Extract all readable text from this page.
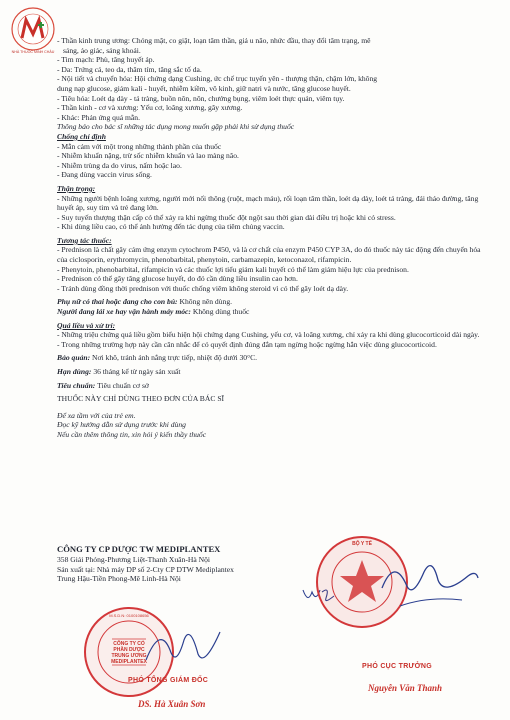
NHÀ THUỐC MINH CHÂU
- Thần kinh trung ương: Chóng mặt, co giật, loạn tâm thần, giả u não, nhức đầu, thay đổi tâm trạng, mê
sảng, ảo giác, sảng khoái.
- Tim mạch: Phù, tăng huyết áp.
- Da: Trứng cá, teo da, thâm tím, tăng sắc tố da.
- Nội tiết và chuyển hóa: Hội chứng dạng Cushing, ức chế trục tuyến yên - thượng thận, chậm lớn, không
dung nạp glucose, giảm kali - huyết, nhiễm kiềm, vô kinh, giữ natri và nước, tăng glucose huyết.
- Tiêu hóa: Loét dạ dày - tá tràng, buồn nôn, nôn, chướng bụng, viêm loét thực quản, viêm tụy.
- Thần kinh - cơ và xương: Yếu cơ, loãng xương, gãy xương.
- Khác: Phản ứng quá mẫn.
Thông báo cho bác sĩ những tác dụng mong muốn gặp phải khi sử dụng thuốc
Chống chỉ định
- Mẫn cảm với một trong những thành phần của thuốc
- Nhiễm khuẩn nặng, trừ sốc nhiễm khuẩn và lao màng não.
- Nhiễm trùng da do virus, nấm hoặc lao.
- Đang dùng vaccin virus sống.
Thận trọng:
- Những người bệnh loãng xương, người mới nối thông (ruột, mạch máu), rối loạn tâm thần, loét dạ dày, loét tá tràng, đái tháo đường, tăng huyết áp, suy tim và trẻ đang lớn.
- Suy tuyến thượng thận cấp có thể xảy ra khi ngừng thuốc đột ngột sau thời gian dài điều trị hoặc khi có stress.
- Khi dùng liều cao, có thể ảnh hưởng đến tác dụng của tiêm chủng vaccin.
Tương tác thuốc:
- Prednison là chất gây cảm ứng enzym cytochrom P450, và là cơ chất của enzym P450 CYP 3A, do đó thuốc này tác động đến chuyển hóa của ciclosporin, erythromycin, phenobarbital, phenytoin, carbamazepin, ketoconazol, rifampicin.
- Phenytoin, phenobarbital, rifampicin và các thuốc lợi tiểu giảm kali huyết có thể làm giảm hiệu lực của prednison.
- Prednison có thể gây tăng glucose huyết, do đó cần dùng liều insulin cao hơn.
- Tránh dùng đồng thời prednison với thuốc chống viêm không steroid vì có thể gây loét dạ dày.
Phụ nữ có thai hoặc đang cho con bú: Không nên dùng.
Người đang lái xe hay vận hành máy móc: Không dùng thuốc
Quá liều và xử trí:
- Những triệu chứng quá liều gồm biểu hiện hội chứng dạng Cushing, yếu cơ, và loãng xương, chỉ xảy ra khi dùng glucocorticoid dài ngày.
- Trong những trường hợp này cần cân nhắc để có quyết định đúng đắn tạm ngừng hoặc ngừng hẳn việc dùng glucocorticoid.
Bảo quản: Nơi khô, tránh ánh nắng trực tiếp, nhiệt độ dưới 30°C.
Hạn dùng: 36 tháng kể từ ngày sản xuất
Tiêu chuẩn: Tiêu chuẩn cơ sở
THUỐC NÀY CHỈ DÙNG THEO ĐƠN CỦA BÁC SĨ
Để xa tầm với của trẻ em.
Đọc kỹ hướng dẫn sử dụng trước khi dùng
Nếu cần thêm thông tin, xin hỏi ý kiến thầy thuốc
CÔNG TY CP DƯỢC TW MEDIPLANTEX
358 Giải Phóng-Phương Liệt-Thanh Xuân-Hà Nội
Sản xuất tại: Nhà máy DP số 2-Cty CP DTW Mediplantex
Trung Hậu-Tiền Phong-Mê Linh-Hà Nội
CÔNG TY CỔ PHẦN DƯỢC TRUNG ƯƠNG MEDIPLANTEX
M.S.D.N: 0100108656
PHÓ TỔNG GIÁM ĐỐC
DS. Hà Xuân Sơn
BỘ Y TẾ
PHÓ CỤC TRƯỞNG
Nguyễn Văn Thanh
